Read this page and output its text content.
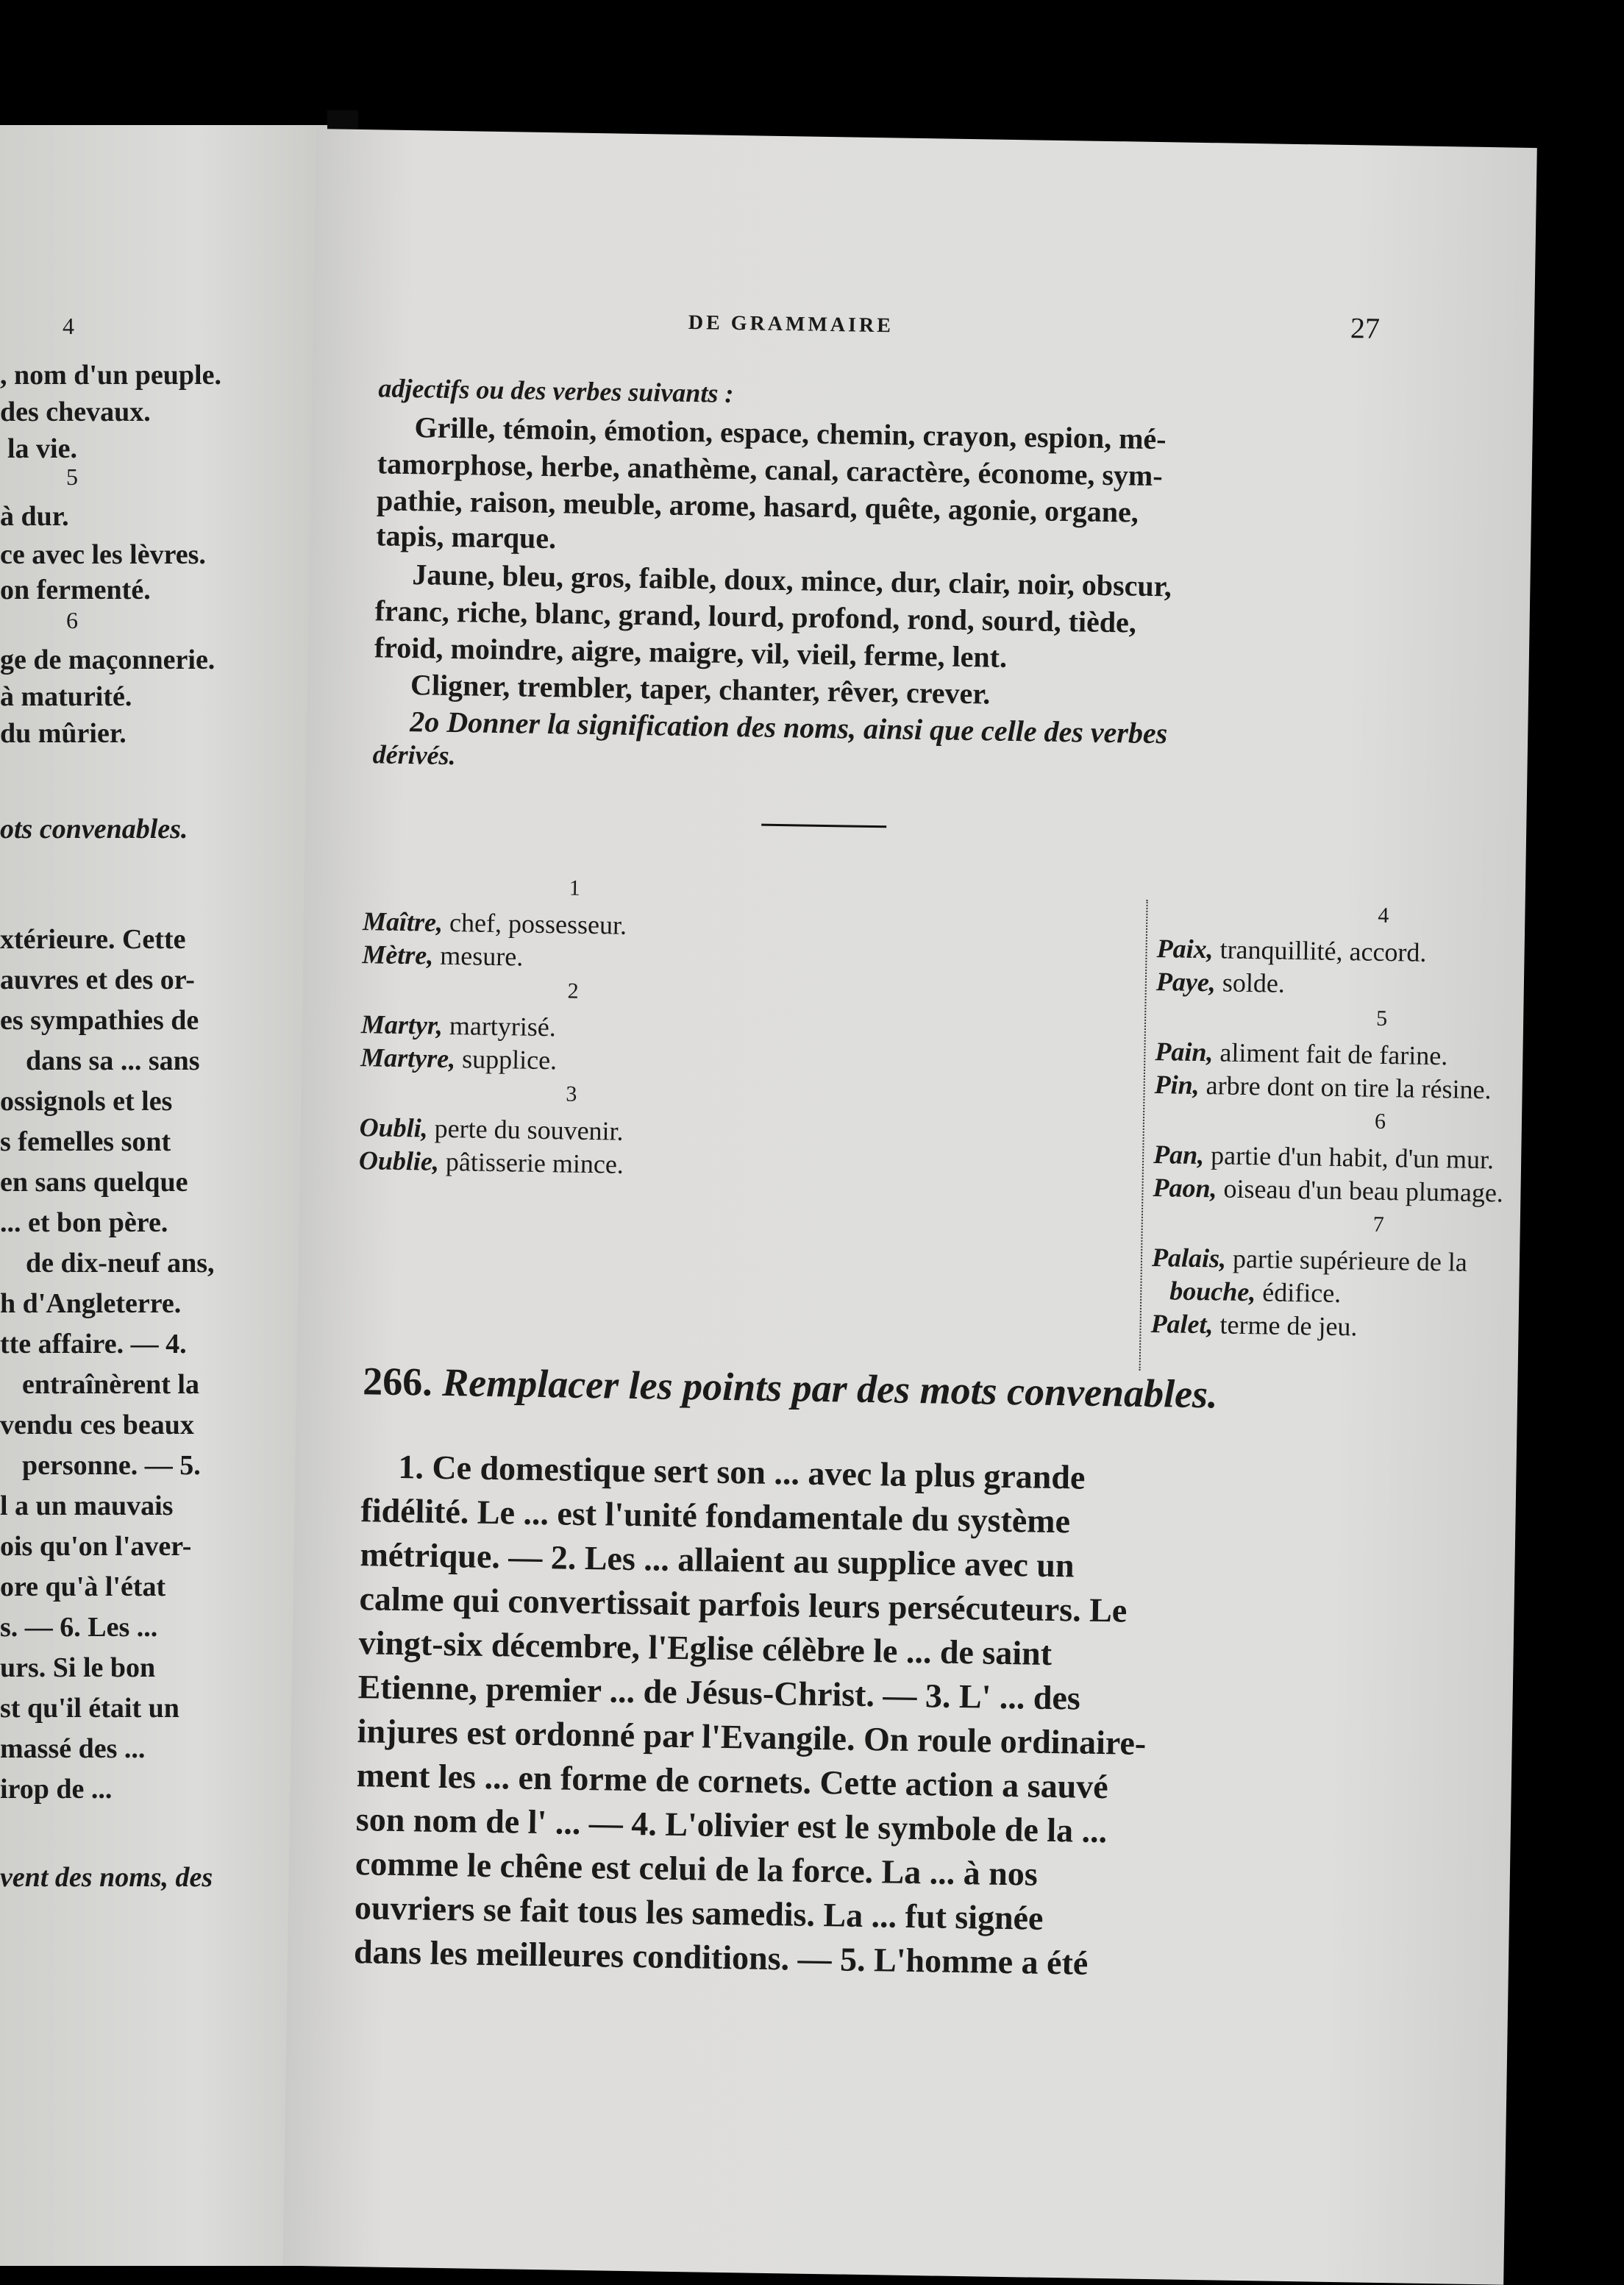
4
, nom d'un peuple.
des chevaux.
la vie.
5
à dur.
ce avec les lèvres.
on fermenté.
6
ge de maçonnerie.
à maturité.
du mûrier.
ots convenables.
xtérieure. Cette
auvres et des or-
es sympathies de
dans sa ... sans
ossignols et les
s femelles sont
en sans quelque
... et bon père.
de dix-neuf ans,
h d'Angleterre.
tte affaire. — 4.
entraînèrent la
vendu ces beaux
personne. — 5.
l a un mauvais
ois qu'on l'aver-
ore qu'à l'état
s. — 6. Les ...
urs. Si le bon
st qu'il était un
massé des ...
irop de ...
vent des noms, des
DE GRAMMAIRE	27
adjectifs ou des verbes suivants :
Grille, témoin, émotion, espace, chemin, crayon, espion, mé-
tamorphose, herbe, anathème, canal, caractère, économe, sym-
pathie, raison, meuble, arome, hasard, quête, agonie, organe,
tapis, marque.
Jaune, bleu, gros, faible, doux, mince, dur, clair, noir, obscur,
franc, riche, blanc, grand, lourd, profond, rond, sourd, tiède,
froid, moindre, aigre, maigre, vil, vieil, ferme, lent.
Cligner, trembler, taper, chanter, rêver, crever.
2o Donner la signification des noms, ainsi que celle des verbes
dérivés.
1
Maître, chef, possesseur.
Mètre, mesure.
2
Martyr, martyrisé.
Martyre, supplice.
3
Oubli, perte du souvenir.
Oublie, pâtisserie mince.
4
Paix, tranquillité, accord.
Paye, solde.
5
Pain, aliment fait de farine.
Pin, arbre dont on tire la résine.
6
Pan, partie d'un habit, d'un mur.
Paon, oiseau d'un beau plumage.
7
Palais, partie supérieure de la
bouche, édifice.
Palet, terme de jeu.
266. Remplacer les points par des mots convenables.
1. Ce domestique sert son ... avec la plus grande
fidélité. Le ... est l'unité fondamentale du système
métrique. — 2. Les ... allaient au supplice avec un
calme qui convertissait parfois leurs persécuteurs. Le
vingt-six décembre, l'Eglise célèbre le ... de saint
Etienne, premier ... de Jésus-Christ. — 3. L' ... des
injures est ordonné par l'Evangile. On roule ordinaire-
ment les ... en forme de cornets. Cette action a sauvé
son nom de l' ... — 4. L'olivier est le symbole de la ...
comme le chêne est celui de la force. La ... à nos
ouvriers se fait tous les samedis. La ... fut signée
dans les meilleures conditions. — 5. L'homme a été
